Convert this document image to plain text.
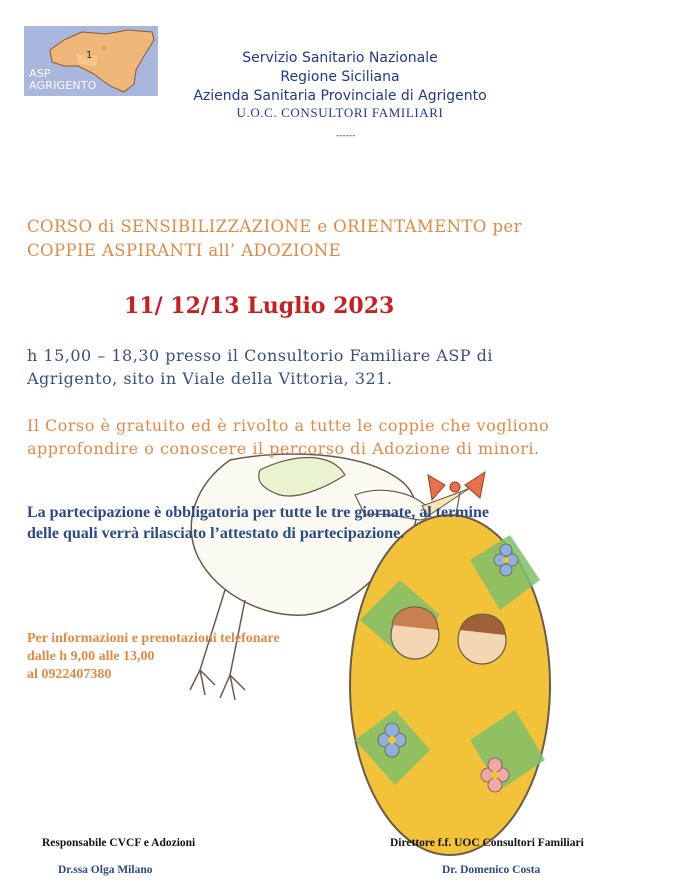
1
ASP
AGRIGENTO
Servizio Sanitario Nazionale
Regione Siciliana
Azienda Sanitaria Provinciale di Agrigento
U.O.C. CONSULTORI FAMILIARI
------
CORSO di SENSIBILIZZAZIONE e ORIENTAMENTO per
COPPIE ASPIRANTI all’ ADOZIONE
11/ 12/13 Luglio 2023
h 15,00 – 18,30 presso il Consultorio Familiare ASP di
Agrigento, sito in Viale della Vittoria, 321.
Il Corso è gratuito ed è rivolto a tutte le coppie che vogliono
approfondire o conoscere il percorso di Adozione di minori.
La partecipazione è obbligatoria per tutte le tre giornate, al termine
delle quali verrà rilasciato l’attestato di partecipazione.
Per informazioni e prenotazioni telefonare
dalle h 9,00 alle 13,00
al 0922407380
Responsabile CVCF e Adozioni
Dr.ssa Olga Milano
Direttore f.f. UOC Consultori Familiari
Dr. Domenico Costa
